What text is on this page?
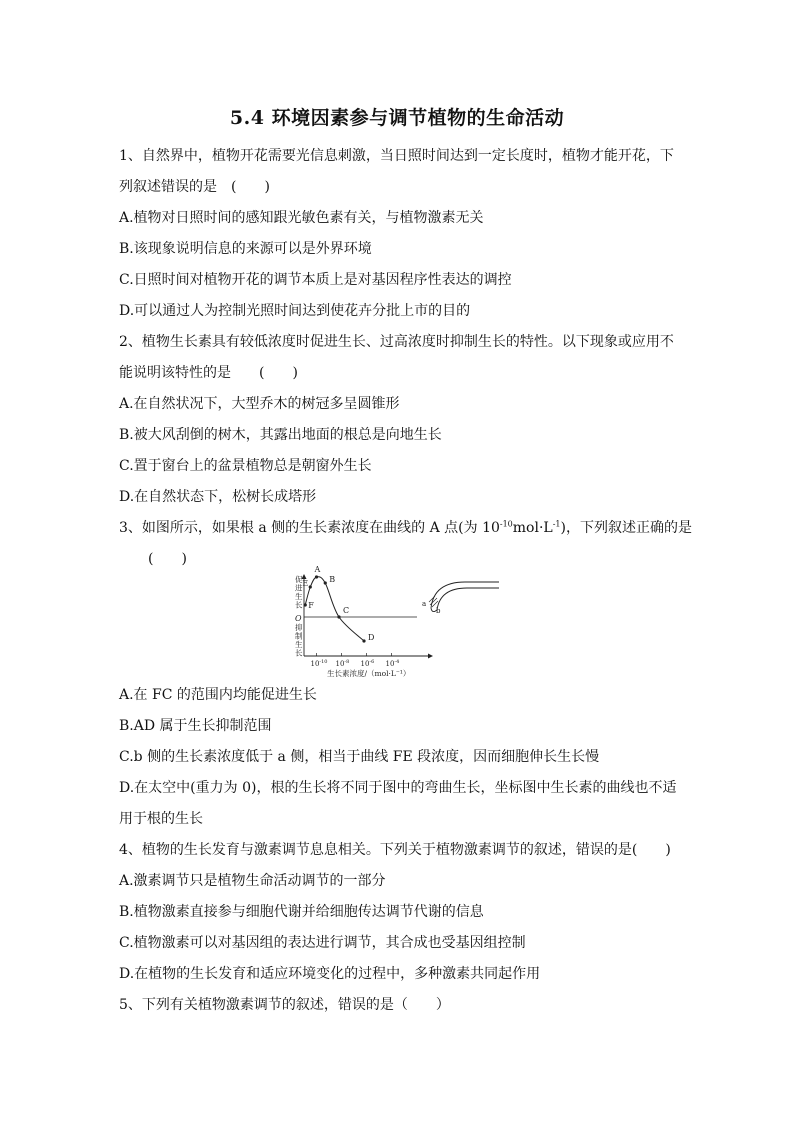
5.4 环境因素参与调节植物的生命活动
1、自然界中，植物开花需要光信息刺激，当日照时间达到一定长度时，植物才能开花，下
列叙述错误的是　(　　)
A.植物对日照时间的感知跟光敏色素有关，与植物激素无关
B.该现象说明信息的来源可以是外界环境
C.日照时间对植物开花的调节本质上是对基因程序性表达的调控
D.可以通过人为控制光照时间达到使花卉分批上市的目的
2、植物生长素具有较低浓度时促进生长、过高浓度时抑制生长的特性。以下现象或应用不
能说明该特性的是　　(　　)
A.在自然状况下，大型乔木的树冠多呈圆锥形
B.被大风刮倒的树木，其露出地面的根总是向地生长
C.置于窗台上的盆景植物总是朝窗外生长
D.在自然状态下，松树长成塔形
3、如图所示，如果根 a 侧的生长素浓度在曲线的 A 点(为 $10^{-10}mol\cdot L^{-1}$)，下列叙述正确的是
(　　)
促
进
生
长
抑
制
生
长
O
F
E
A
B
C
D
$10^{-10}$ $10^{-8}$ $10^{-6}$ $10^{-4}$
生长素浓度/（mol·L⁻¹）
a
b
A.在 FC 的范围内均能促进生长
B.AD 属于生长抑制范围
C.b 侧的生长素浓度低于 a 侧，相当于曲线 FE 段浓度，因而细胞伸长生长慢
D.在太空中(重力为 0)，根的生长将不同于图中的弯曲生长，坐标图中生长素的曲线也不适
用于根的生长
4、植物的生长发育与激素调节息息相关。下列关于植物激素调节的叙述，错误的是(　　)
A.激素调节只是植物生命活动调节的一部分
B.植物激素直接参与细胞代谢并给细胞传达调节代谢的信息
C.植物激素可以对基因组的表达进行调节，其合成也受基因组控制
D.在植物的生长发育和适应环境变化的过程中，多种激素共同起作用
5、下列有关植物激素调节的叙述，错误的是（　　）
